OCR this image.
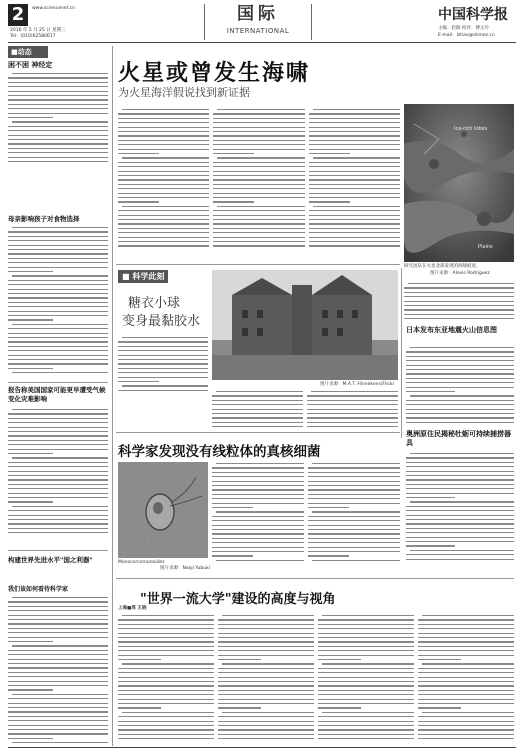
2	www.sciencenet.cn
2016 年 5 月 25 日 星期三
Tel：(010)62580617
国际
INTERNATIONAL
中国科学报
主编：赵路 校对：傅文玲
E-mail：lzhao@stimes.cn
■动态
困不困 神经定
母亲影响孩子对食物选择
报告称美国国家可能更早遭受气候变化灾难影响
构建世界先进水平"国之利器"
我们该如何看待科学家
火星或曾发生海啸
为火星海洋假说找到新证据
Ice-rich lobes
Plains
研究团队在火星北部发现的海啸痕迹。
图片来源：Alexis Rodriguez
■ 科学此刻
糖衣小球
变身最黏胶水
图片来源：M.A.T. Hinnekens/Flickr
日本发布东亚地震火山信息图
奥洲原住民揭秘牡蛎可持续捕捞器具
科学家发现没有线粒体的真核细菌
Monocercomonoides
图片来源：Naoji Yubuki
"世界一流大学"建设的高度与视角
上海■周 王晓
